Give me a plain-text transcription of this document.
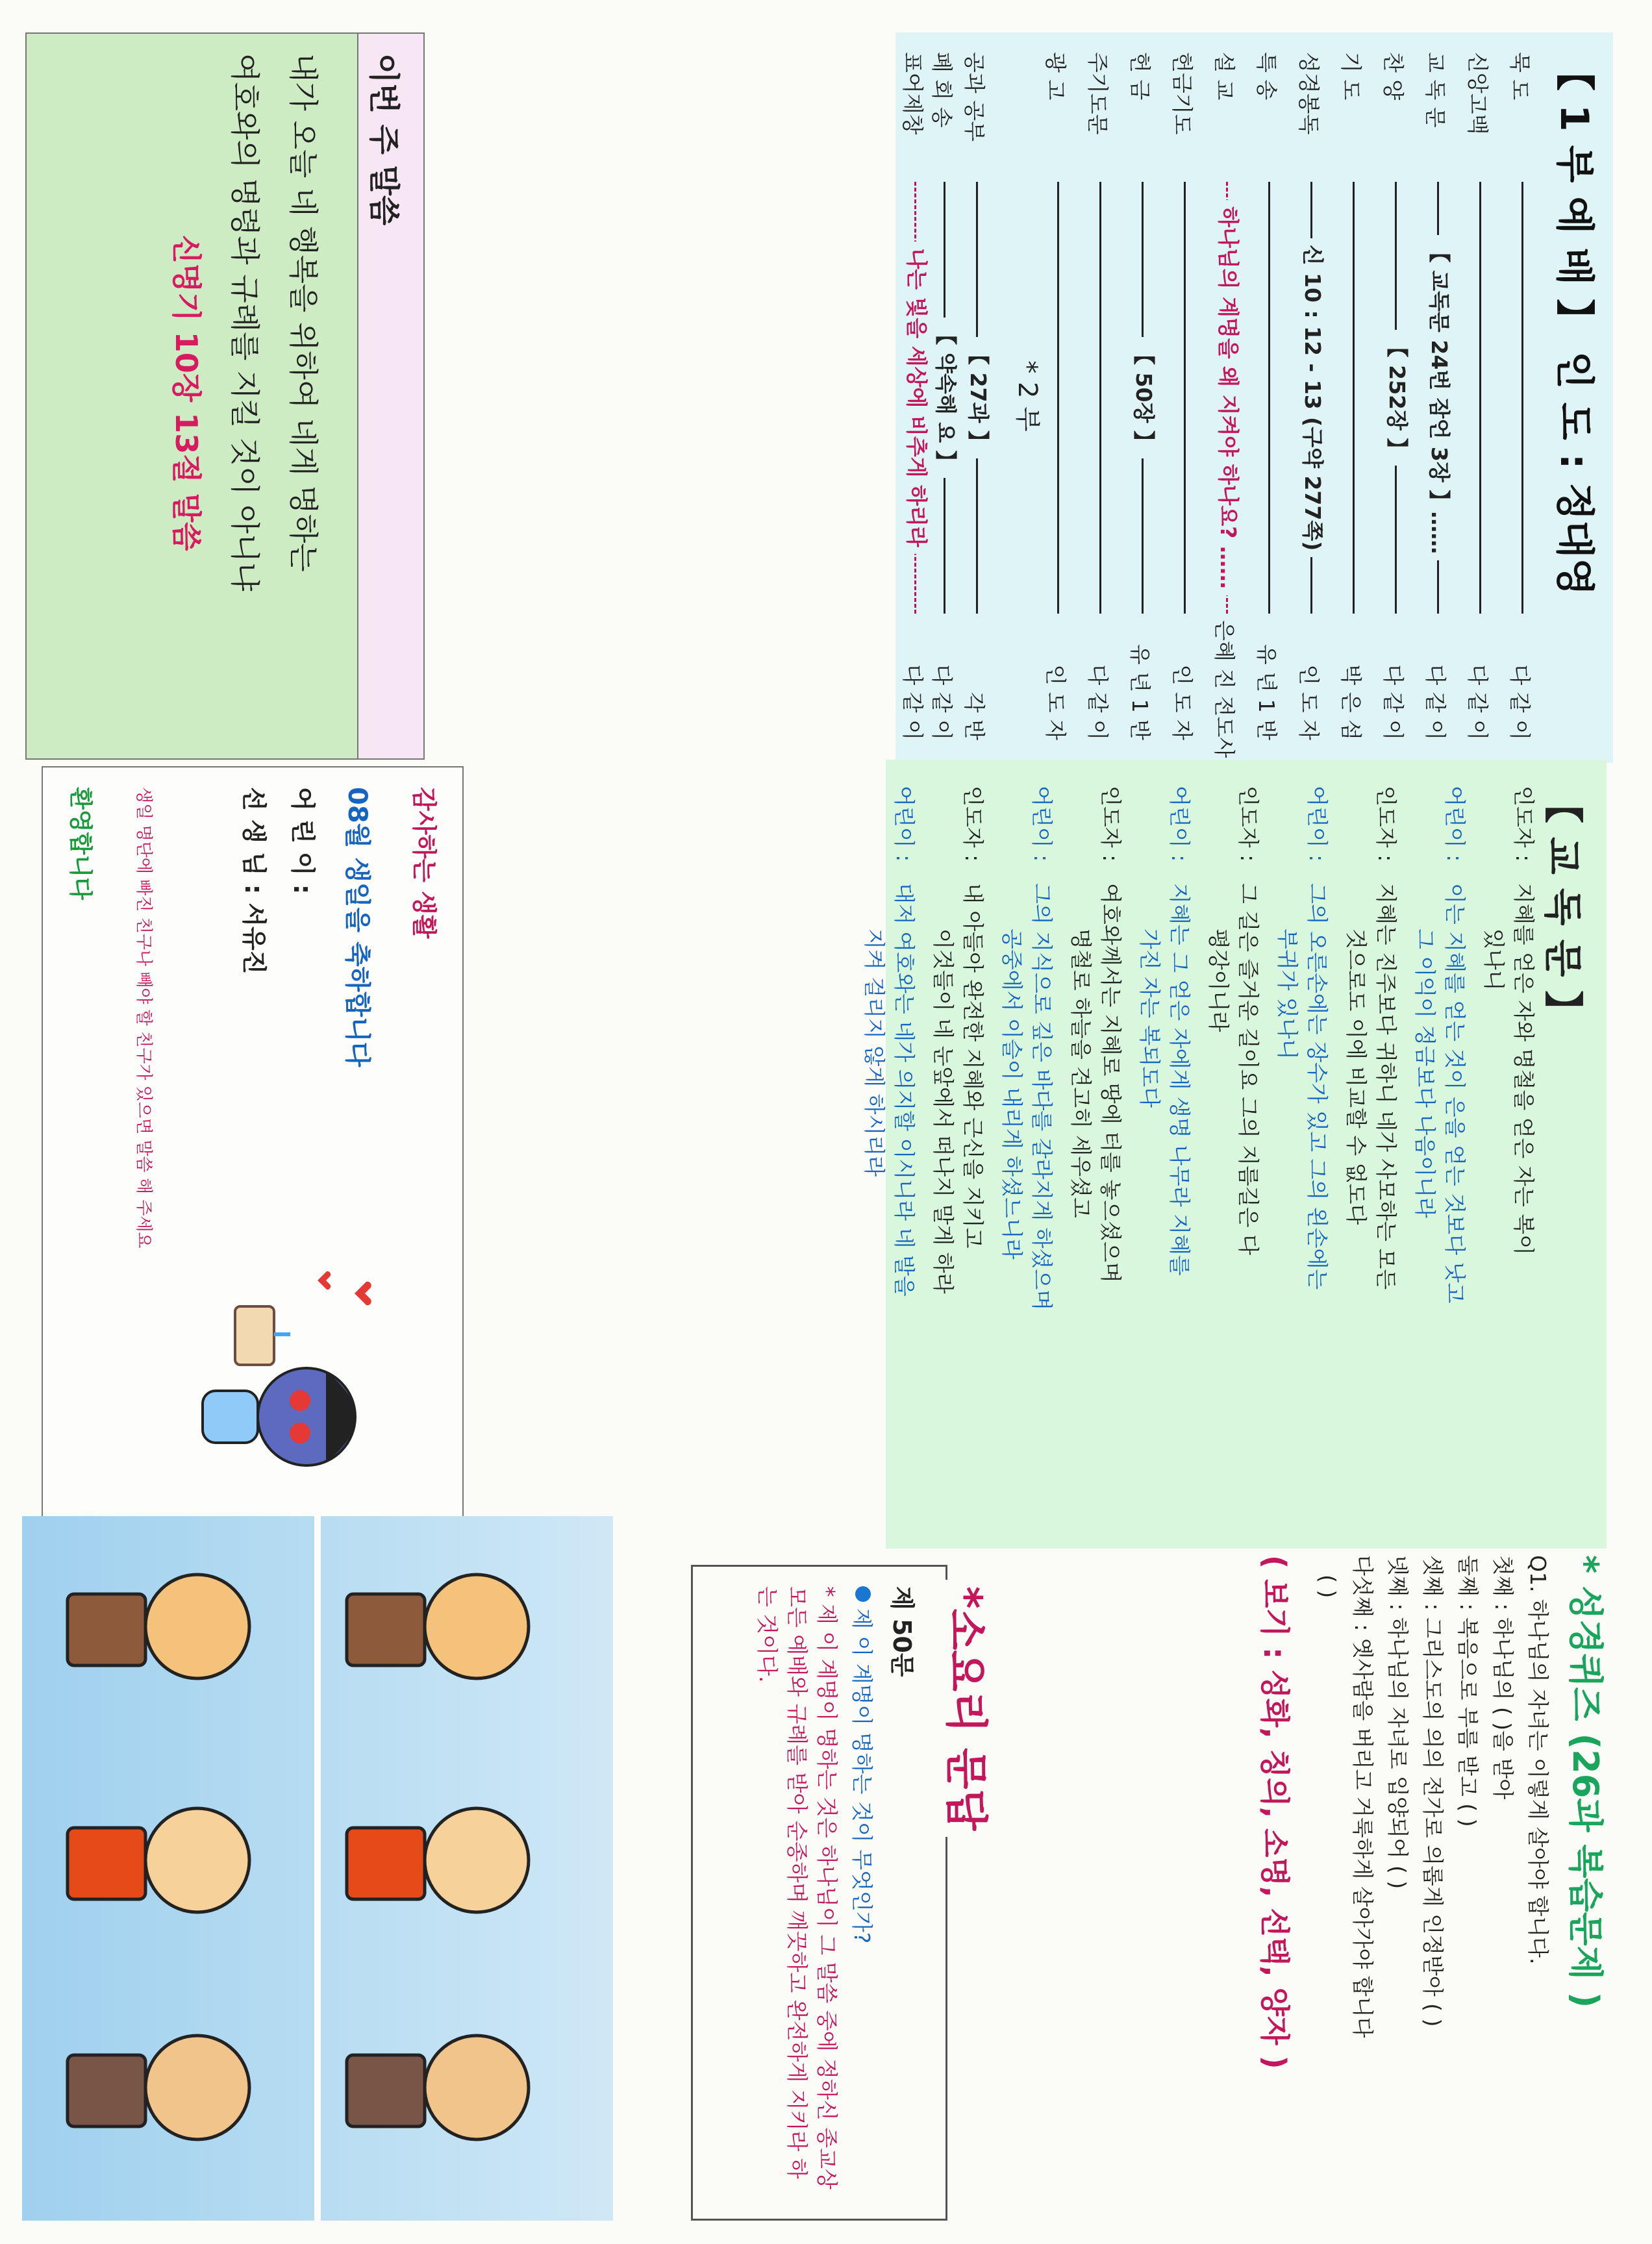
【 1 부 예 배 】 인 도 : 정대영
묵 도
다 같 이
신앙고백
다 같 이
교 독 문
【 교독문 24번 잠언 3장 】……
다 같 이
찬 양
【 252장 】
다 같 이
기 도
박 은 섬
성경봉독
신 10 : 12 - 13 (구약 277쪽)
인 도 자
특 송
유 년 1 반
설 교
하나님의 계명을 왜 지켜야 하나요? ……
은혜 진 전도사
헌금기도
인 도 자
헌 금
【 50장 】
유 년 1 반
주기도문
다 같 이
광 고
인 도 자
* 2 부
공과 공부
【 27과 】
각 반
폐 회 송
【 약속해 요 】
다 같 이
표어제창
나는 빛을 세상에 비추게 하리라
다 같 이
【 교 독 문 】
인도자 :
지혜를 얻은 자와 명철을 얻은 자는 복이
있나니
어린이 :
이는 지혜를 얻는 것이 은을 얻는 것보다 낫고
그 이익이 정금보다 나음이니라
인도자 :
지혜는 진주보다 귀하니 네가 사모하는 모든
것으로도 이에 비교할 수 없도다
어린이 :
그의 오른손에는 장수가 있고 그의 왼손에는
부귀가 있나니
인도자 :
그 길은 즐거운 길이요 그의 지름길은 다
평강이니라
어린이 :
지혜는 그 얻은 자에게 생명 나무라 지혜를
가진 자는 복되도다
인도자 :
여호와께서는 지혜로 땅에 터를 놓으셨으며
명철로 하늘을 견고히 세우셨고
어린이 :
그의 지식으로 깊은 바다를 갈라지게 하셨으며
공중에서 이슬이 내리게 하셨느니라
인도자 :
내 아들아 완전한 지혜와 근신을 지키고
이것들이 네 눈앞에서 떠나지 말게 하라
어린이 :
대저 여호와는 네가 의지할 이시니라 네 발을
지켜 걸리지 않게 하시리라
* 성경퀴즈 (26과 복습문제 )
Q1. 하나님의 자녀는 이렇게 살아야 합니다.
첫째 : 하나님의 ( )을 받아
둘째 : 복음으로 부름 받고 ( )
셋째 : 그리스도의 의의 전가로 의롭게 인정받아 ( )
넷째 : 하나님의 자녀로 입양되어 ( )
다섯째 : 옛사람을 버리고 거룩하게 살아가야 합니다
( )
( 보기 : 성화, 칭의, 소명, 선택, 양자 )
*소요리 문답
제 50문
제 이 계명이 명하는 것이 무엇인가?
* 제 이 계명이 명하는 것은 하나님이 그 말씀 중에 정하신 종교상 모든 예배와 규례를 받아 순종하며 깨끗하고 완전하게 지키라 하는 것이다.
이번 주 말씀
내가 오늘 네 행복을 위하여 네게 명하는
여호와의 명령과 규례를 지킬 것이 아니냐
신명기 10장 13절 말씀
감사하는 생활
08월 생일을 축하합니다
어 린 이 :
선 생 님 : 서유진
생일 명단에 빠진 친구나 빼야 할 친구가 있으면 말씀 해 주세요
환영합니다
